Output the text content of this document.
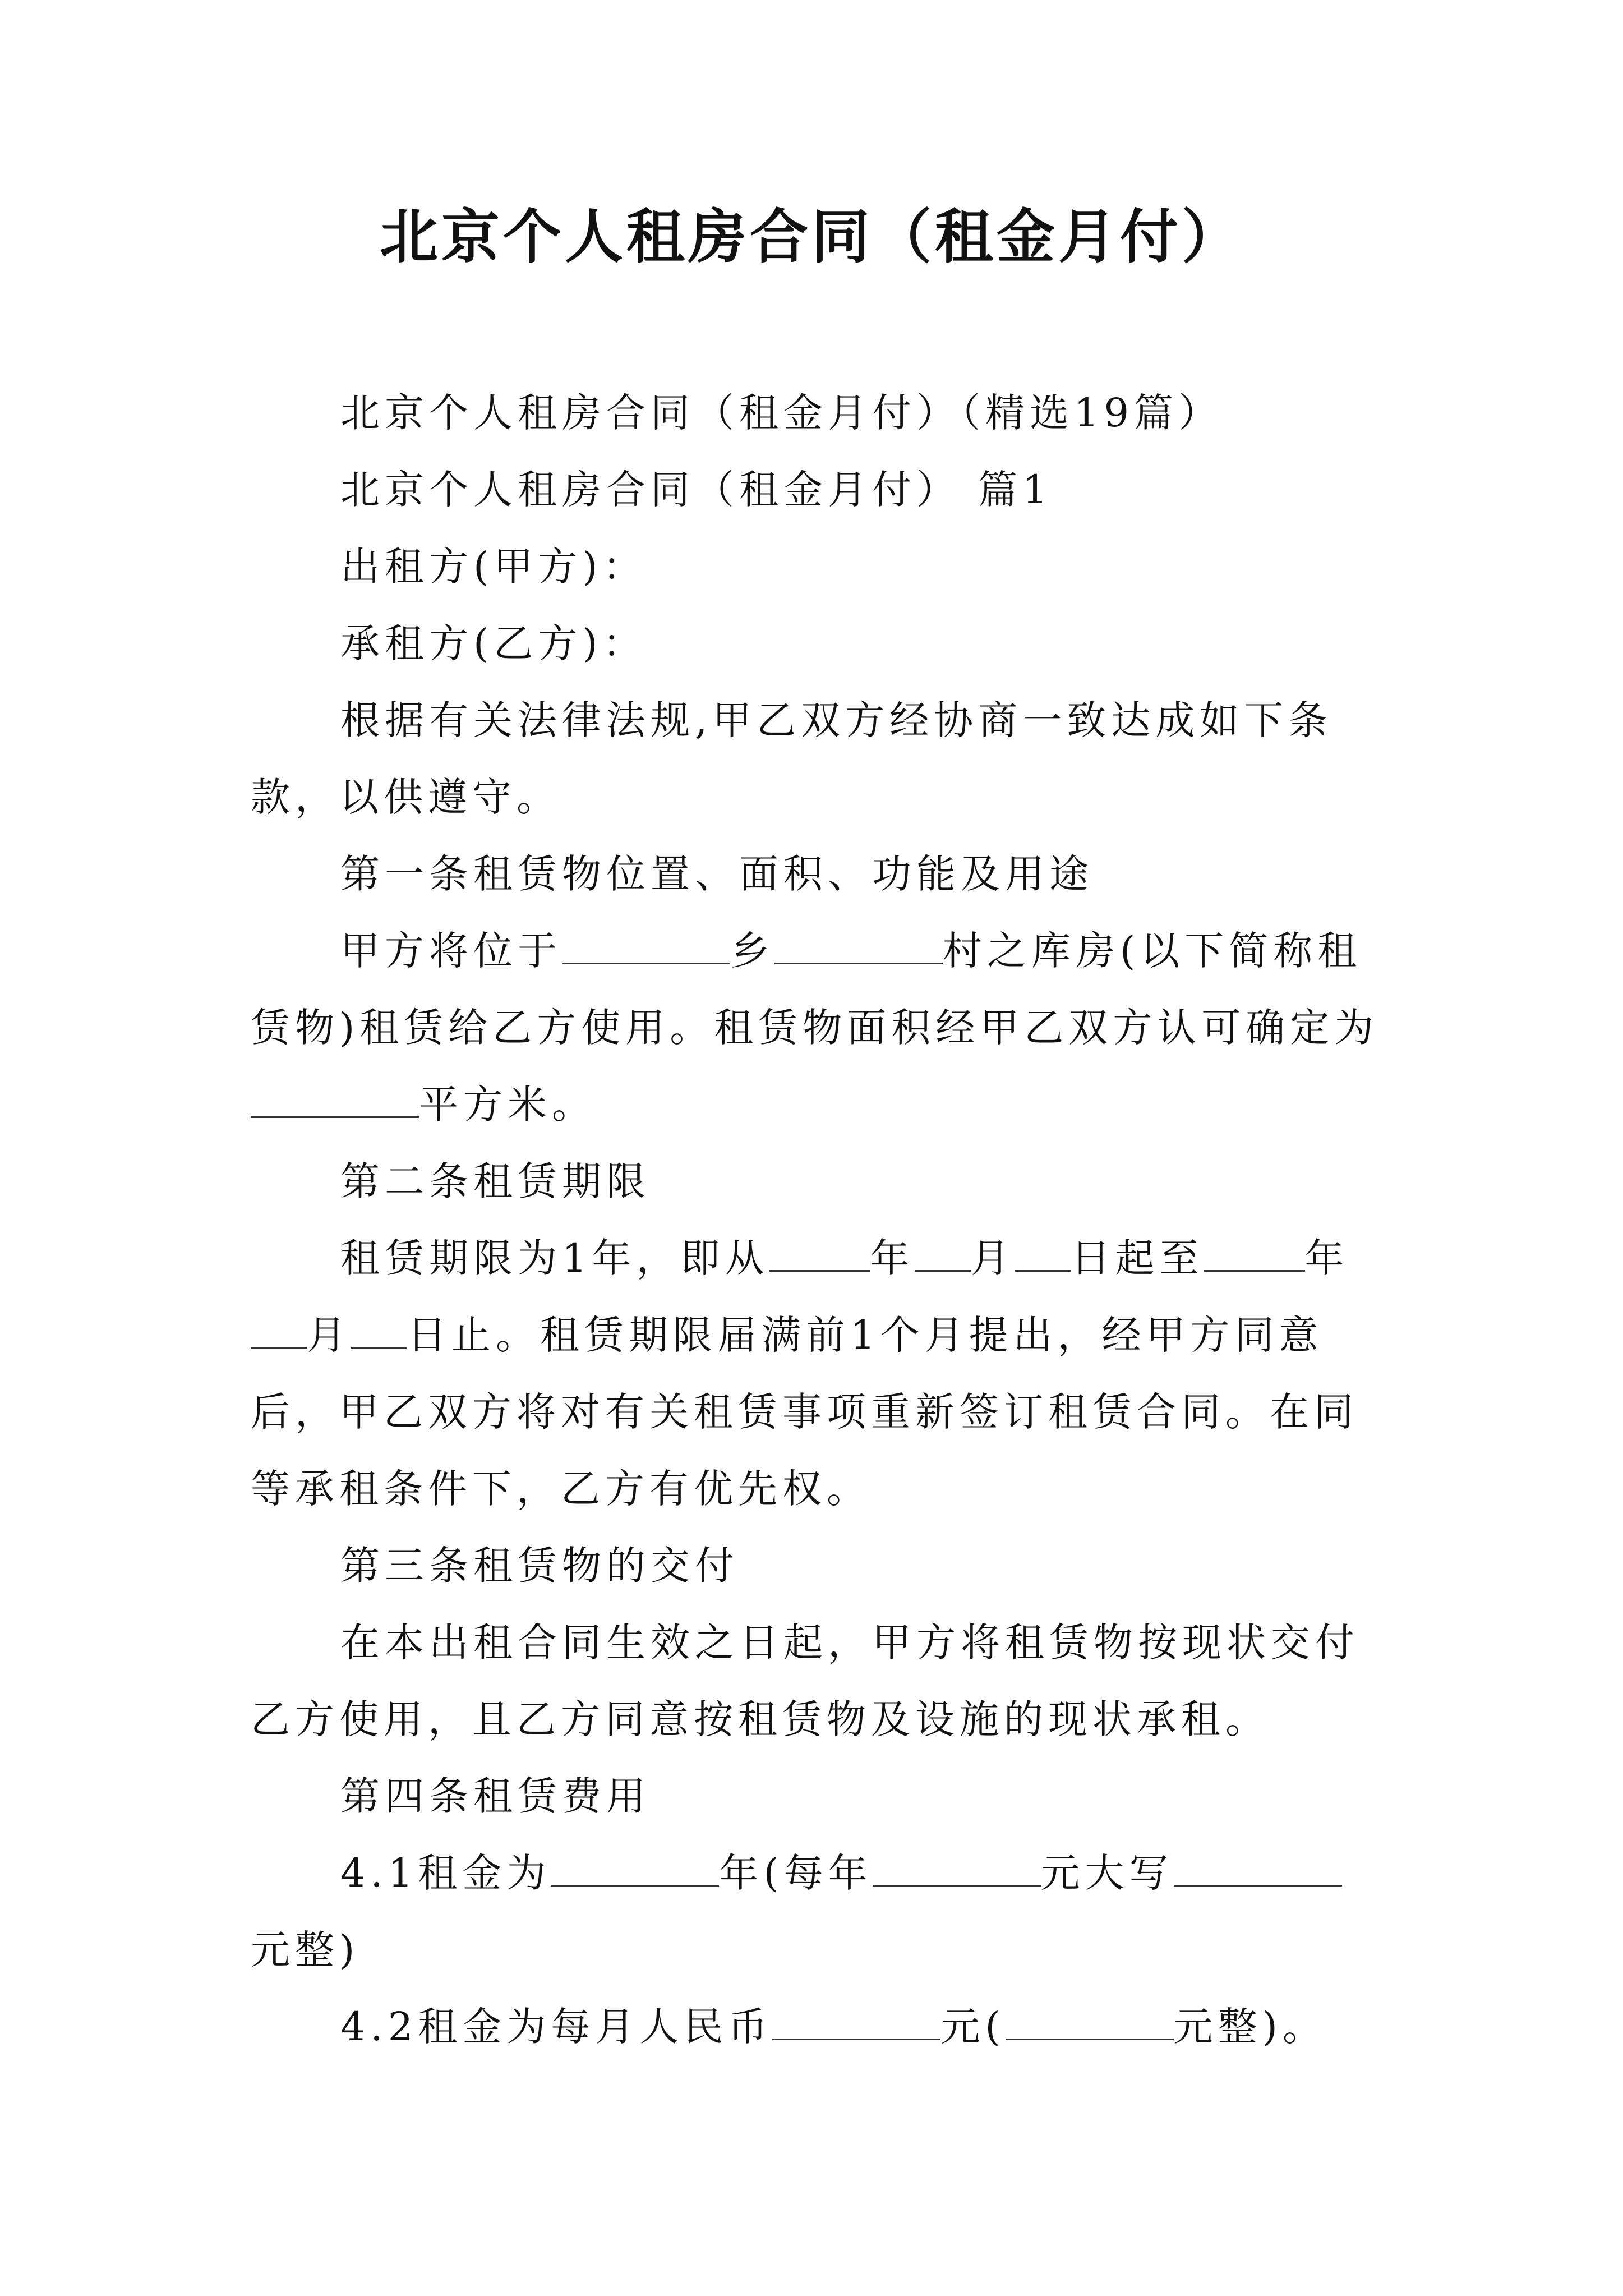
北京个人租房合同（租金月付）

北京个人租房合同（租金月付）（精选19篇）

北京个人租房合同（租金月付） 篇1

出租方(甲方)：

承租方(乙方)：

根据有关法律法规,甲乙双方经协商一致达成如下条款，以供遵守。

第一条租赁物位置、面积、功能及用途

甲方将位于	乡	村之库房(以下简称租赁物)租赁给乙方使用。租赁物面积经甲乙双方认可确定为平方米。

第二条租赁期限

租赁期限为1年，即从	年 月 日起至	年月 日止。租赁期限届满前1个月提出，经甲方同意后，甲乙双方将对有关租赁事项重新签订租赁合同。在同等承租条件下，乙方有优先权。

第三条租赁物的交付

在本出租合同生效之日起，甲方将租赁物按现状交付乙方使用，且乙方同意按租赁物及设施的现状承租。

第四条租赁费用

4.1租金为	年(每年	元大写元整)

4.2租金为每月人民币	元(	元整)。
